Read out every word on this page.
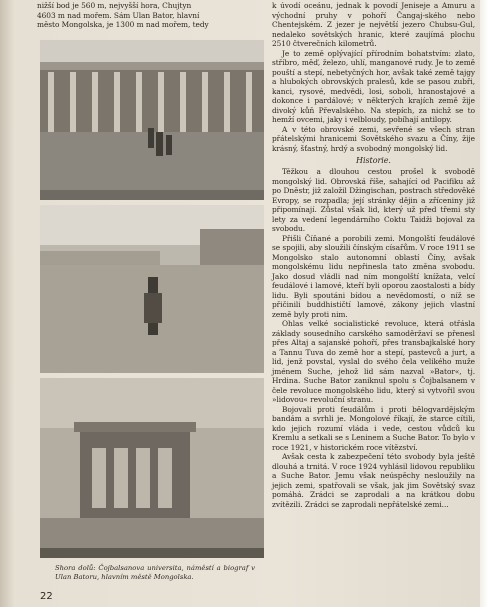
nižší bod je 560 m, nejvyšší hora, Chujtyn
4603 m nad mořem. Sám Ulan Bator, hlavní
město Mongolska, je 1300 m nad mořem, tedy
Shora dolů: Čojbalsanova universita, náměstí a biograf v Ulan Batoru, hlavním městě Mongolska.
22

k úvodí oceánu, jednak k povodí Jeniseje a Amuru a východní pruhy v pohoří Čangaj-ského nebo Chentejském. Z jezer je největší jezero Chubsu-Gul, nedaleko sovětských hranic, které zaujímá plochu 2510 čtverečních kilometrů.

Je to země oplývající přírodním bohatstvím: zlato, stříbro, měď, železo, uhlí, manganové rudy. Je to země pouští a stepí, nebetyčných hor, avšak také země tajgy a hlubokých obrovských pralesů, kde se pasou zubři, kanci, rysové, medvědi, losi, soboli, hranostajové a dokonce i pardálové; v některých krajích země žije divoký kůň Převalského. Na stepích, za nichž se to hemží ovcemi, jaky i velbloudy, pobíhají antilopy.

A v této obrovské zemi, sevřené se všech stran přátelskými hranicemi Sovětského svazu a Číny, žije krásný, šťastný, hrdý a svobodný mongolský lid.

Historie.

Těžkou a dlouhou cestou prošel k svobodě mongolský lid. Obrovská říše, sahající od Pacifiku až po Dněstr, již založil Džingischan, postrach středověké Evropy, se rozpadla; její stránky dějin a zříceniny již připomínají. Zůstal však lid, který už před třemi sty lety za vedení legendárního Coktu Taidži bojoval za svobodu.

Přišli Číňané a porobili zemi. Mongolští feudálové se spojili, aby sloužili čínským císařům. V roce 1911 se Mongolsko stalo autonomní oblastí Číny, avšak mongolskému lidu nepřinesla tato změna svobodu. Jako dosud vládli nad ním mongolští knížata, velcí feudálové i lamové, kteří byli oporou zaostalosti a bídy lidu. Byli spoutáni bídou a nevědomostí, o níž se přičinili buddhističtí lamové, zákony jejich vlastní země byly proti nim.

Ohlas velké socialistické revoluce, která otřásla základy sousedního carského samoděržaví se přenesl přes Altaj a sajanské pohoří, přes transbajkalské hory a Tannu Tuva do země hor a stepí, pastevců a jurt, a lid, jenž povstal, vyslal do svého čela velikého muže jménem Suche, jehož lid sám nazval »Bator«, tj. Hrdina. Suche Bator zaniknul spolu s Čojbalsanem v čele revoluce mongolského lidu, který si vytvořil svou »lidovou« revoluční stranu.

Bojovali proti feudálům i proti bělogvardějským bandám a svrhli je. Mongolové říkají, že starce cítili, kdo jejich rozumí vláda i vede, cestou vůdců ku Kremlu a setkali se s Leninem a Suche Bator. To bylo v roce 1921, v historickém roce vítězství.

Avšak cesta k zabezpečení této svobody byla ještě dlouhá a trnitá. V roce 1924 vyhlásil lidovou republiku a Suche Bator. Jemu však neúspěchy nesloužily na jejich zemi, spatřovali se však, jak jim Sovětský svaz pomáhá. Zrádci se zaprodali a na krátkou dobu zvítězili. Zrádci se zaprodali nepřátelské zemi...
